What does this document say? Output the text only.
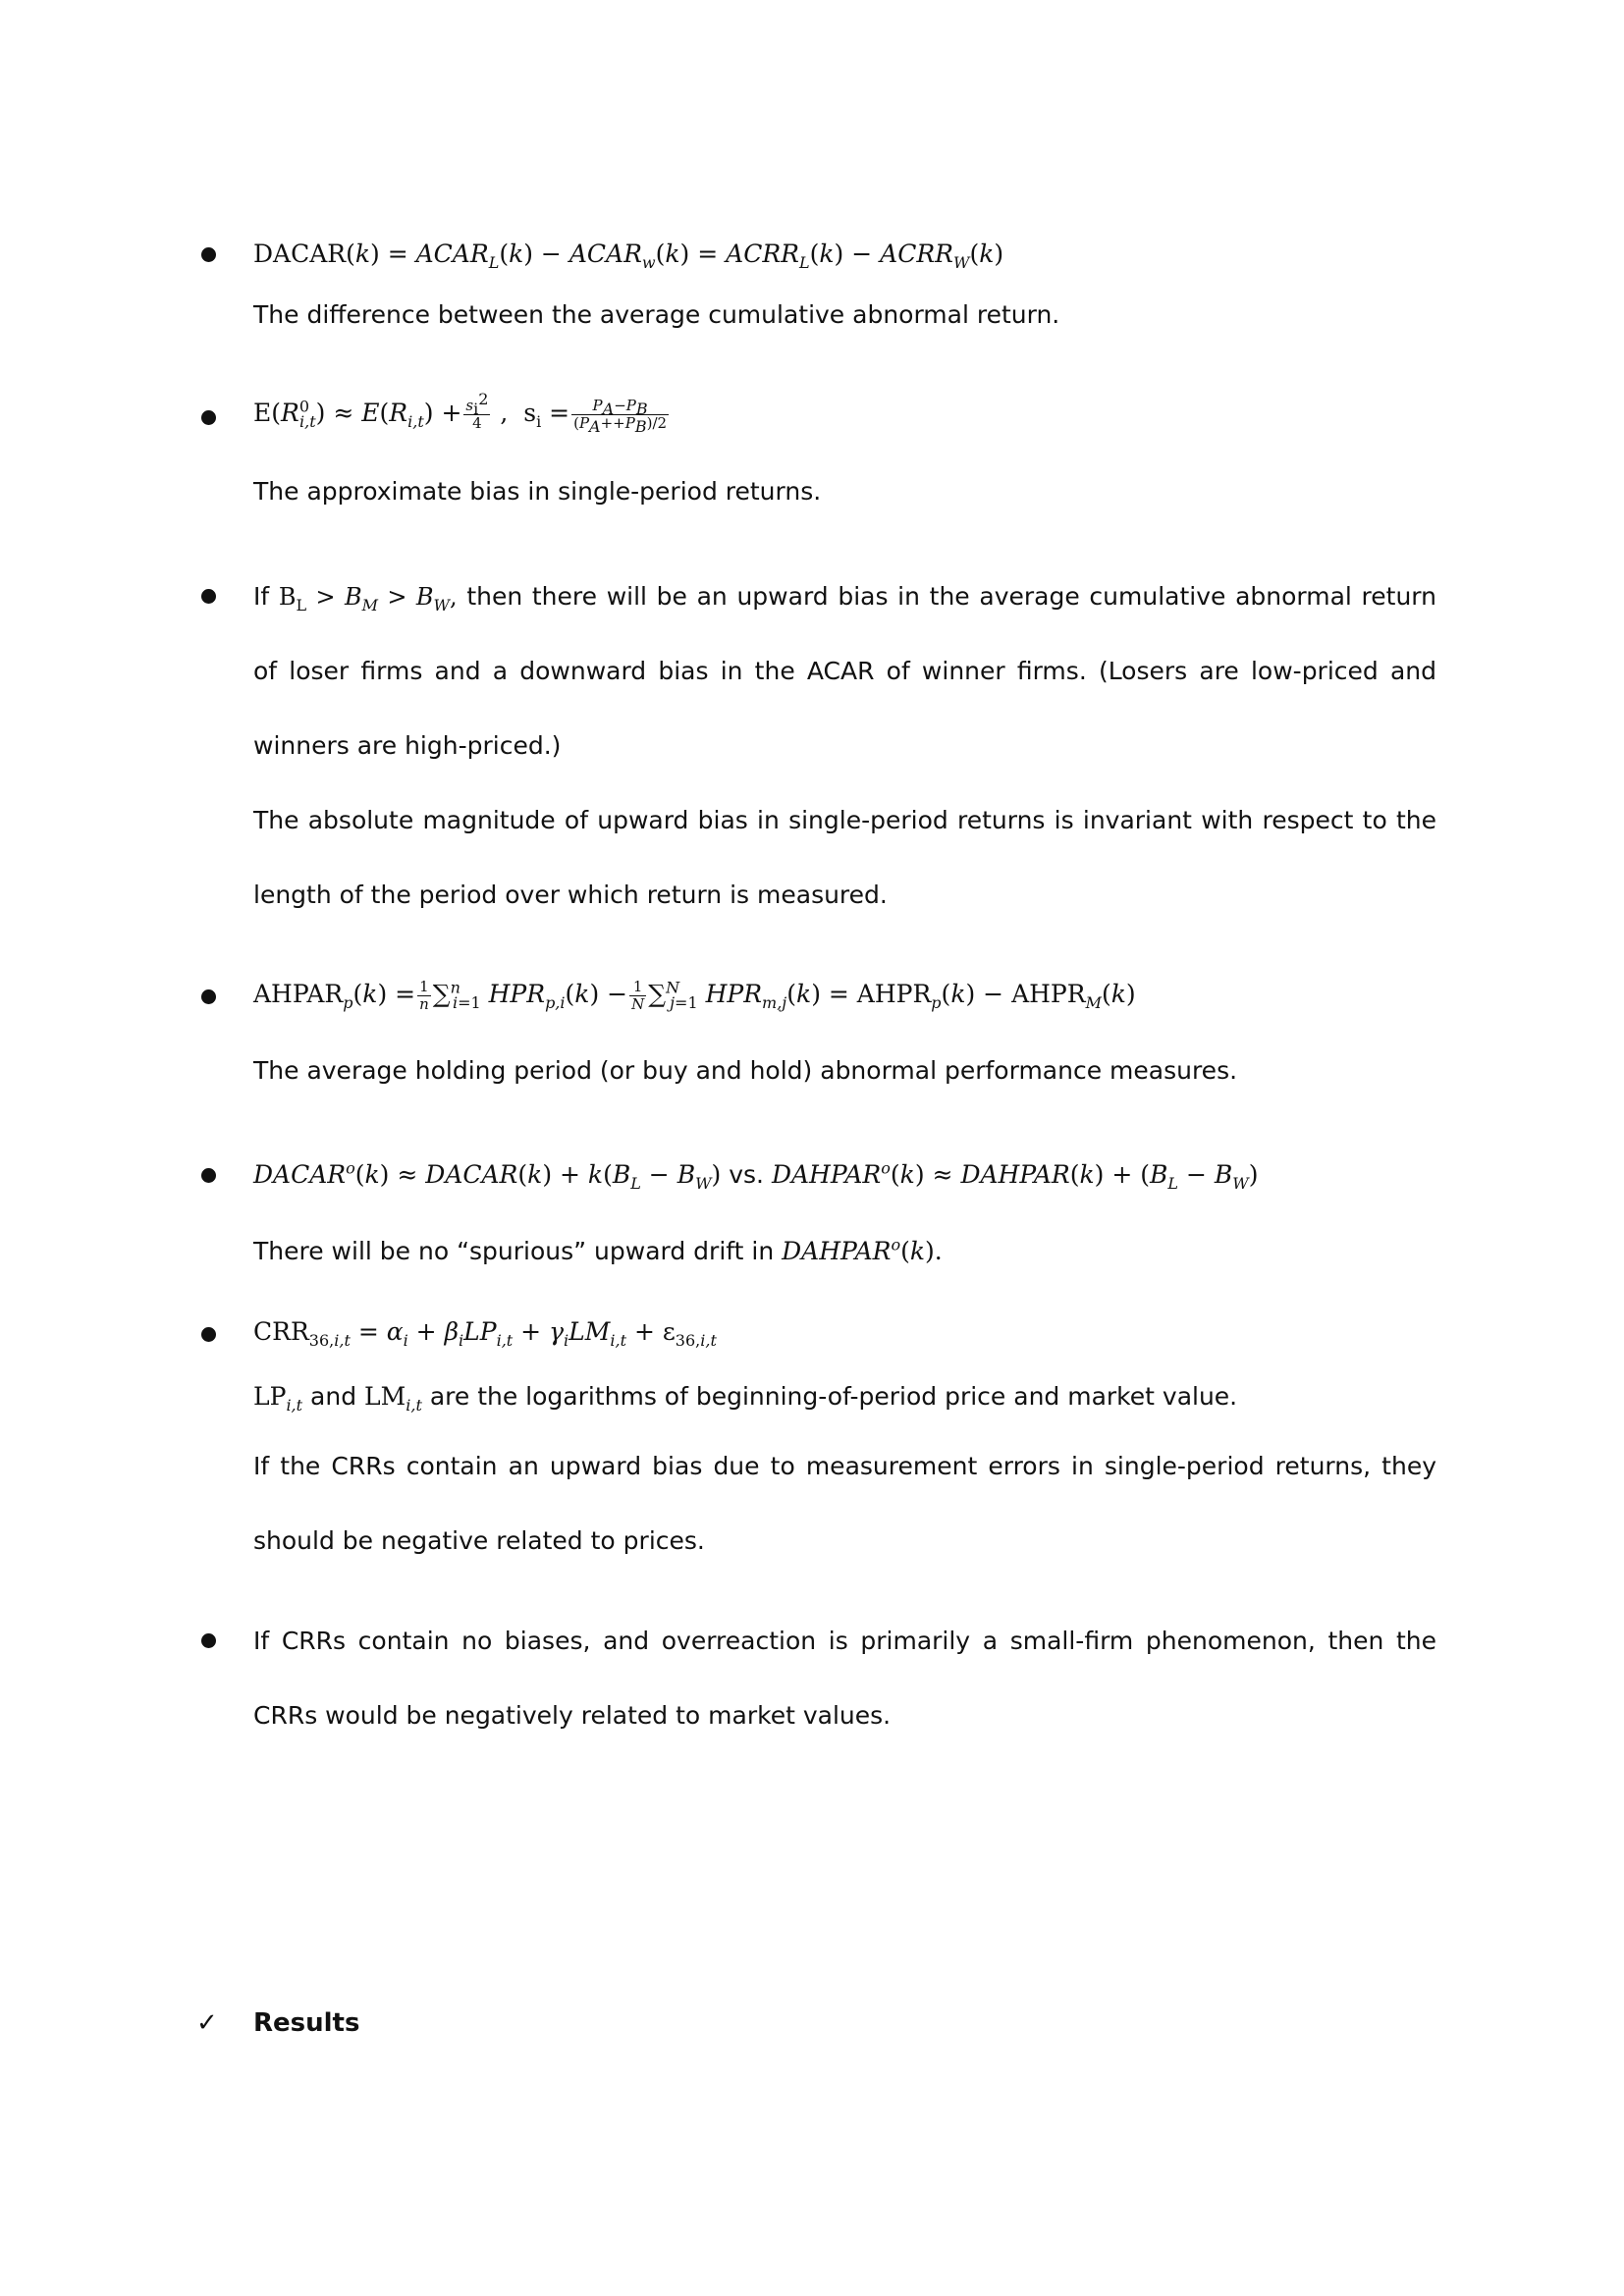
DACAR(k) = $ACAR_L(k)$ − $ACAR_w(k)$ = $ACRR_L(k)$ − $ACRR_W(k)$
The difference between the average cumulative abnormal return.
$E(R^0_{i,t}) \approx E(R_{i,t}) + \frac{s_i^2}{4}$ ,  $s_i = \frac{P_A-P_B}{(P_A++P_B)/2}$
The approximate bias in single-period returns.
If $B_L > B_M > B_W$, then there will be an upward bias in the average cumulative abnormal return of loser firms and a downward bias in the ACAR of winner firms. (Losers are low-priced and winners are high-priced.)
The absolute magnitude of upward bias in single-period returns is invariant with respect to the length of the period over which return is measured.
$AHPAR_p(k) = \frac{1}{n} \sum^n_{i=1}$ $HPR_{p,i}(k) - \frac{1}{N} \sum^N_{j=1}$ $HPR_{m,j}(k)$ = $AHPR_p(k)$ − $AHPR_M(k)$
The average holding period (or buy and hold) abnormal performance measures.
$DACAR^o(k)$ ≈ DACAR(k) + $k(B_L - B_W)$ vs. $DAHPAR^o(k)$ ≈ DAHPAR(k) + $(B_L - B_W)$
There will be no “spurious” upward drift in DAHPAR$^o$(k).
$CRR_{36,i,t} = \alpha_i + \beta_iLP_{i,t} + \gamma_iLM_{i,t} + \varepsilon_{36,i,t}$
$LP_{i,t}$ and $LM_{i,t}$ are the logarithms of beginning-of-period price and market value.
If the CRRs contain an upward bias due to measurement errors in single-period returns, they should be negative related to prices.
If CRRs contain no biases, and overreaction is primarily a small-firm phenomenon, then the CRRs would be negatively related to market values.
✓ Results
